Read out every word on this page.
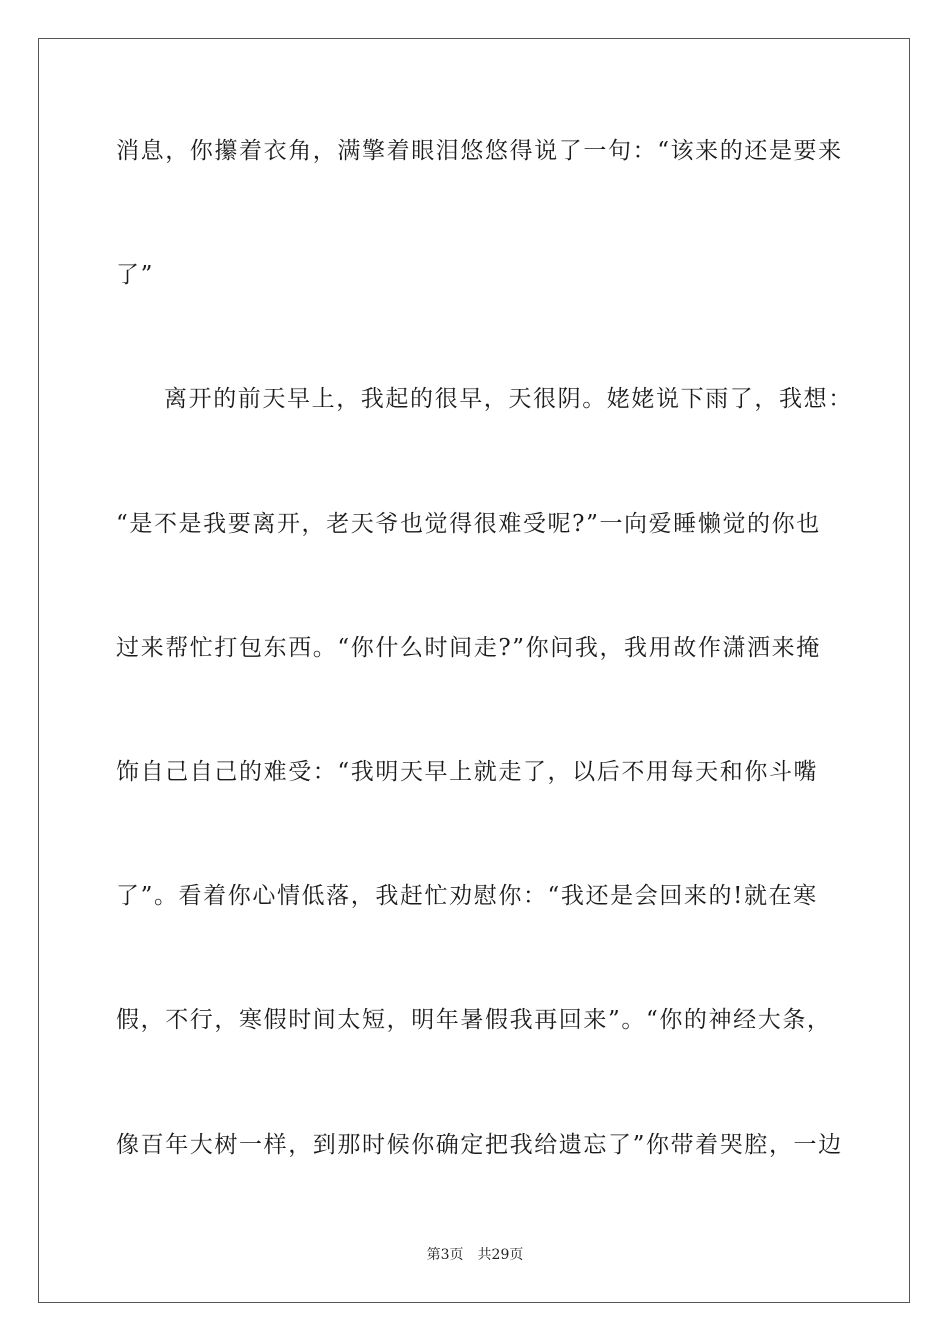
消息，你攥着衣角，满擎着眼泪悠悠得说了一句：“该来的还是要来
了”
离开的前天早上，我起的很早，天很阴。姥姥说下雨了，我想：
“是不是我要离开，老天爷也觉得很难受呢?”一向爱睡懒觉的你也
过来帮忙打包东西。“你什么时间走?”你问我，我用故作潇洒来掩
饰自己自己的难受：“我明天早上就走了，以后不用每天和你斗嘴
了”。看着你心情低落，我赶忙劝慰你：“我还是会回来的!就在寒
假，不行，寒假时间太短，明年暑假我再回来”。“你的神经大条，
像百年大树一样，到那时候你确定把我给遗忘了”你带着哭腔，一边
第3页 共29页
